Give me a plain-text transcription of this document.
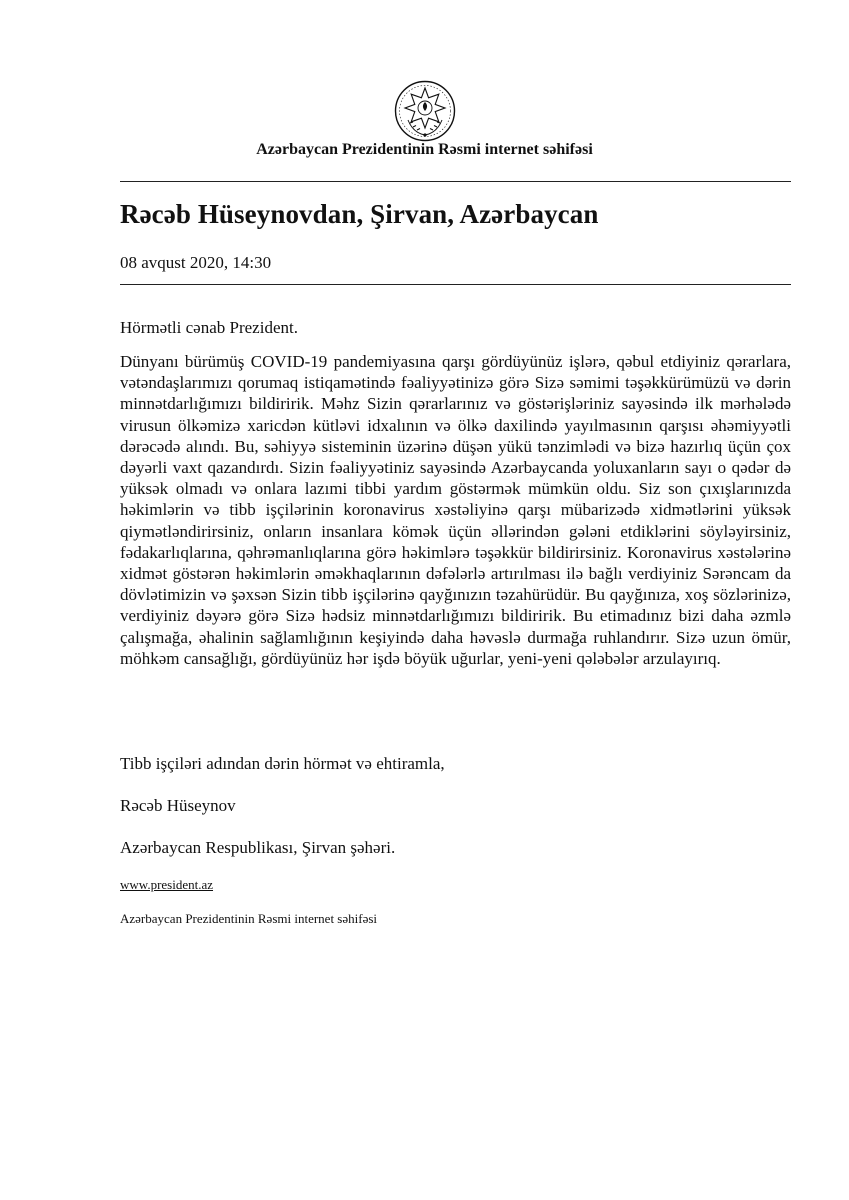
Azərbaycan Prezidentinin Rəsmi internet səhifəsi

Rəcəb Hüseynovdan, Şirvan, Azərbaycan

08 avqust 2020, 14:30

Hörmətli cənab Prezident.

Dünyanı bürümüş COVID-19 pandemiyasına qarşı gördüyünüz işlərə, qəbul etdiyiniz qərarlara, vətəndaşlarımızı qorumaq istiqamətində fəaliyyətinizə görə Sizə səmimi təşəkkürümüzü və dərin minnətdarlığımızı bildiririk. Məhz Sizin qərarlarınız və göstərişləriniz sayəsində ilk mərhələdə virusun ölkəmizə xaricdən kütləvi idxalının və ölkə daxilində yayılmasının qarşısı əhəmiyyətli dərəcədə alındı. Bu, səhiyyə sisteminin üzərinə düşən yükü tənzimlədi və bizə hazırlıq üçün çox dəyərli vaxt qazandırdı. Sizin fəaliyyətiniz sayəsində Azərbaycanda yoluxanların sayı o qədər də yüksək olmadı və onlara lazımi tibbi yardım göstərmək mümkün oldu. Siz son çıxışlarınızda həkimlərin və tibb işçilərinin koronavirus xəstəliyinə qarşı mübarizədə xidmətlərini yüksək qiymətləndirirsiniz, onların insanlara kömək üçün əllərindən gələni etdiklərini söyləyirsiniz, fədakarlıqlarına, qəhrəmanlıqlarına görə həkimlərə təşəkkür bildirirsiniz. Koronavirus xəstələrinə xidmət göstərən həkimlərin əməkhaqlarının dəfələrlə artırılması ilə bağlı verdiyiniz Sərəncam da dövlətimizin və şəxsən Sizin tibb işçilərinə qayğınızın təzahürüdür. Bu qayğınıza, xoş sözlərinizə, verdiyiniz dəyərə görə Sizə hədsiz minnətdarlığımızı bildiririk. Bu etimadınız bizi daha əzmlə çalışmağa, əhalinin sağlamlığının keşiyində daha həvəslə durmağa ruhlandırır. Sizə uzun ömür, möhkəm cansağlığı, gördüyünüz hər işdə böyük uğurlar, yeni-yeni qələbələr arzulayırıq.

Tibb işçiləri adından dərin hörmət və ehtiramla,

Rəcəb Hüseynov

Azərbaycan Respublikası, Şirvan şəhəri.

www.president.az

Azərbaycan Prezidentinin Rəsmi internet səhifəsi
